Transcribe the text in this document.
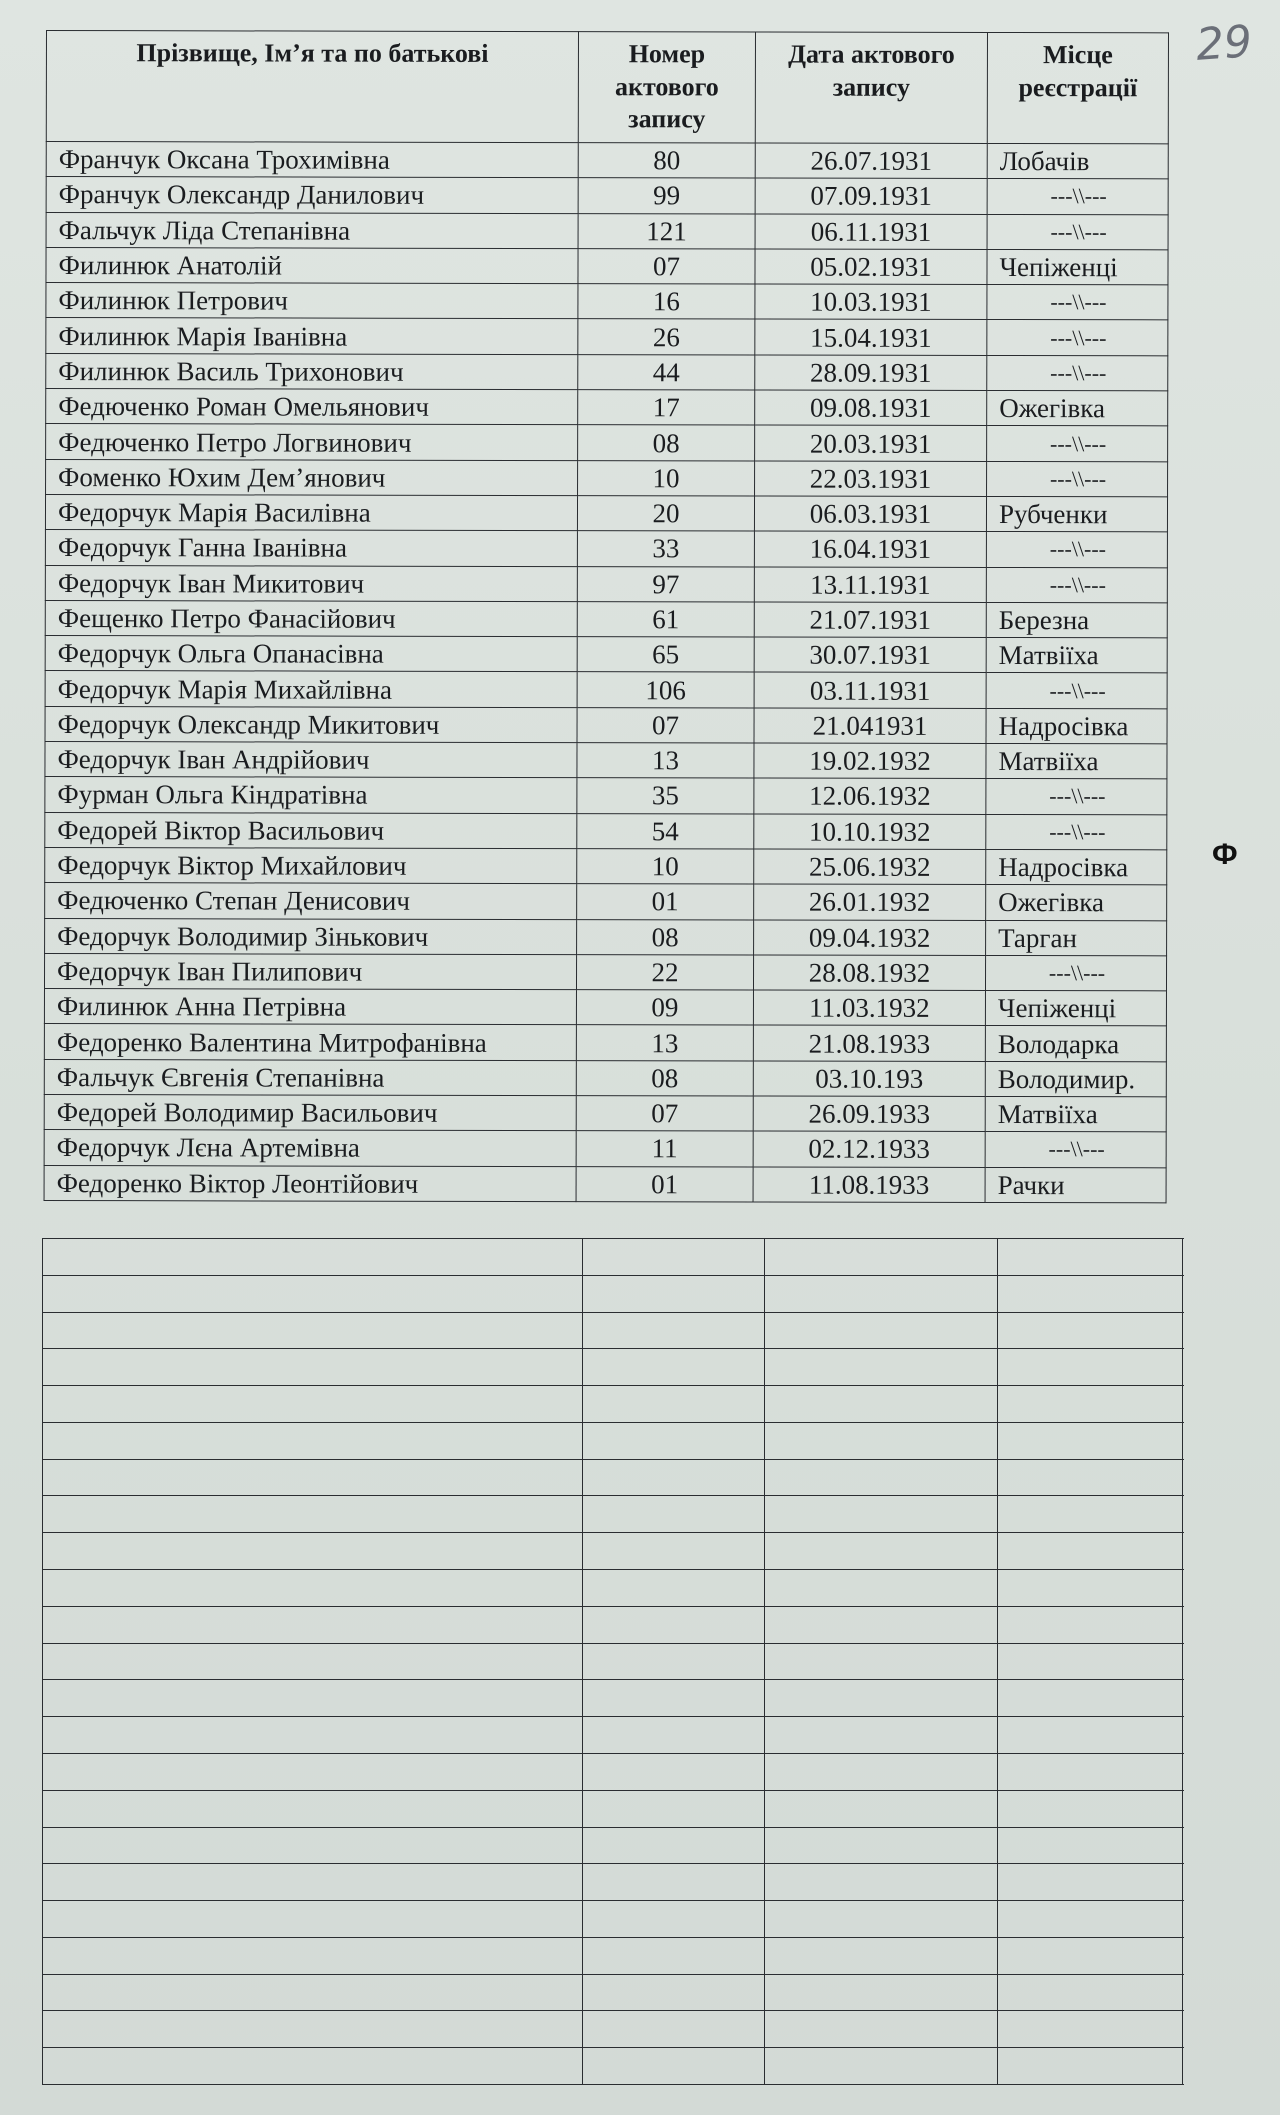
29
Ф
Прізвище, Ім’я та по батькові	Номер актового запису	Дата актового запису	Місце реєстрації
Франчук Оксана Трохимівна	80	26.07.1931	Лобачів
Франчук Олександр Данилович	99	07.09.1931	---\\---
Фальчук Ліда Степанівна	121	06.11.1931	---\\---
Филинюк Анатолій	07	05.02.1931	Чепіженці
Филинюк Петрович	16	10.03.1931	---\\---
Филинюк Марія Іванівна	26	15.04.1931	---\\---
Филинюк Василь Трихонович	44	28.09.1931	---\\---
Федюченко Роман Омельянович	17	09.08.1931	Ожегівка
Федюченко Петро Логвинович	08	20.03.1931	---\\---
Фоменко Юхим Дем’янович	10	22.03.1931	---\\---
Федорчук Марія Василівна	20	06.03.1931	Рубченки
Федорчук Ганна Іванівна	33	16.04.1931	---\\---
Федорчук Іван Микитович	97	13.11.1931	---\\---
Фещенко Петро Фанасійович	61	21.07.1931	Березна
Федорчук Ольга Опанасівна	65	30.07.1931	Матвіїха
Федорчук Марія Михайлівна	106	03.11.1931	---\\---
Федорчук Олександр Микитович	07	21.041931	Надросівка
Федорчук Іван Андрійович	13	19.02.1932	Матвіїха
Фурман Ольга Кіндратівна	35	12.06.1932	---\\---
Федорей Віктор Васильович	54	10.10.1932	---\\---
Федорчук Віктор Михайлович	10	25.06.1932	Надросівка
Федюченко Степан Денисович	01	26.01.1932	Ожегівка
Федорчук Володимир Зінькович	08	09.04.1932	Тарган
Федорчук Іван Пилипович	22	28.08.1932	---\\---
Филинюк Анна Петрівна	09	11.03.1932	Чепіженці
Федоренко Валентина Митрофанівна	13	21.08.1933	Володарка
Фальчук Євгенія Степанівна	08	03.10.193	Володимир.
Федорей Володимир Васильович	07	26.09.1933	Матвіїха
Федорчук Лєна Артемівна	11	02.12.1933	---\\---
Федоренко Віктор Леонтійович	01	11.08.1933	Рачки
